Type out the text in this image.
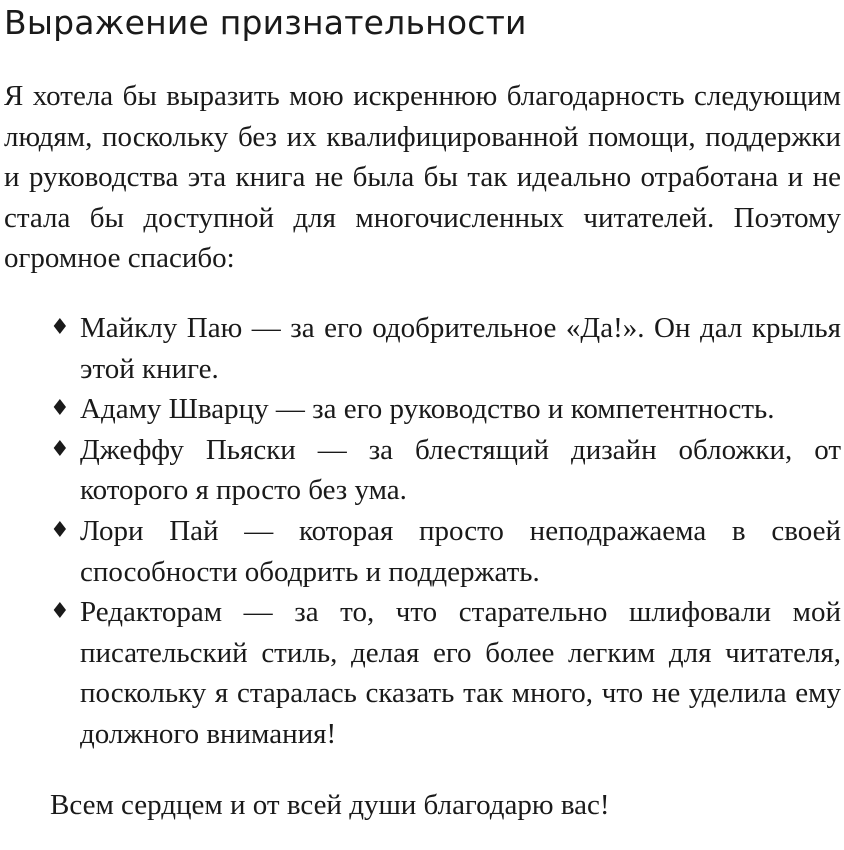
Выражение признательности

Я хотела бы выразить мою искреннюю благодарность следующим людям, поскольку без их квалифицированной помощи, поддержки и руководства эта книга не была бы так идеально отработана и не стала бы доступной для многочисленных читателей. Поэтому огромное спасибо:

♦ Майклу Паю — за его одобрительное «Да!». Он дал крылья этой книге.
♦ Адаму Шварцу — за его руководство и компетентность.
♦ Джеффу Пьяски — за блестящий дизайн обложки, от которого я просто без ума.
♦ Лори Пай — которая просто неподражаема в своей способности ободрить и поддержать.
♦ Редакторам — за то, что старательно шлифовали мой писательский стиль, делая его более легким для читателя, поскольку я старалась сказать так много, что не уделила ему должного внимания!

Всем сердцем и от всей души благодарю вас!
